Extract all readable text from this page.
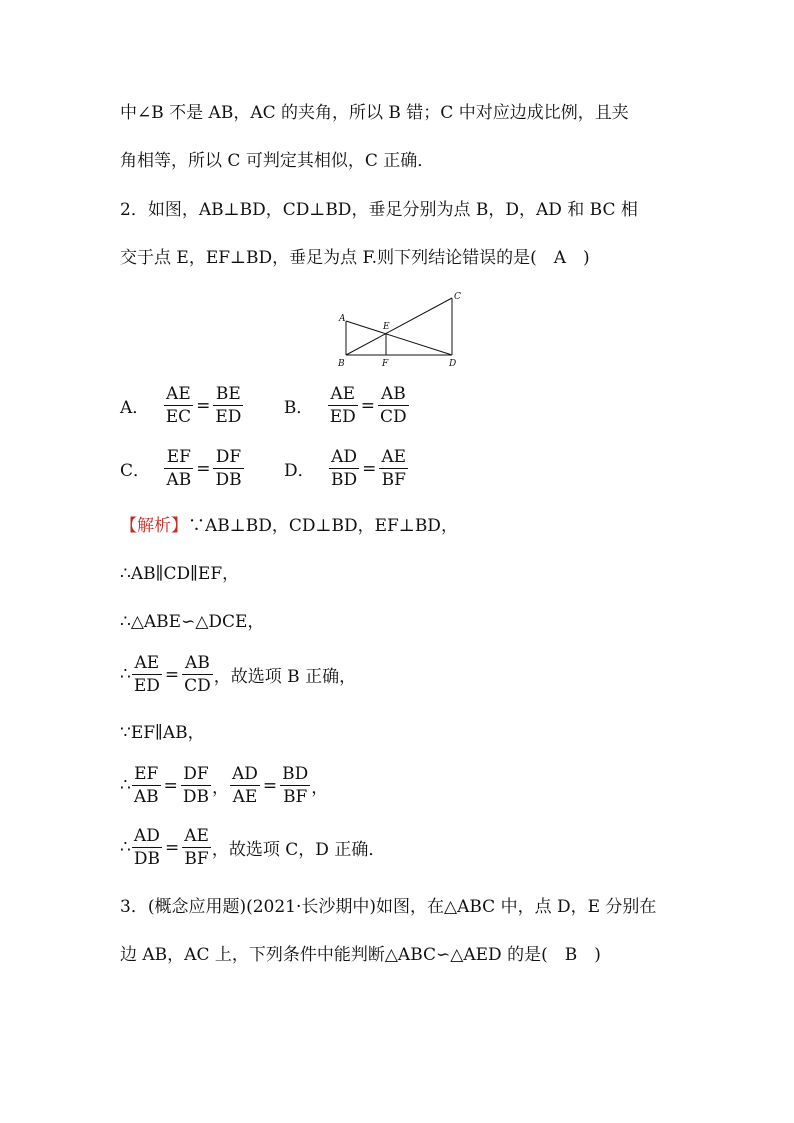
中∠B 不是 AB，AC 的夹角，所以 B 错；C 中对应边成比例，且夹
角相等，所以 C 可判定其相似，C 正确．
2．如图，AB⊥BD，CD⊥BD，垂足分别为点 B，D，AD 和 BC 相
交于点 E，EF⊥BD，垂足为点 F.则下列结论错误的是(　A　)
A
B
C
D
E
F
A． $\frac{AE}{EC} = \frac{BE}{ED}$ B． $\frac{AE}{ED} = \frac{AB}{CD}$
C． $\frac{EF}{AB} = \frac{DF}{DB}$ D． $\frac{AD}{BD} = \frac{AE}{BF}$
【解析】∵AB⊥BD，CD⊥BD，EF⊥BD，
∴AB∥CD∥EF，
∴△ABE∽△DCE，
∴ $\frac{AE}{ED} = \frac{AB}{CD}$ ，故选项 B 正确，
∵EF∥AB，
∴ $\frac{EF}{AB} = \frac{DF}{DB}$ ， $\frac{AD}{AE} = \frac{BD}{BF}$ ，
∴ $\frac{AD}{DB} = \frac{AE}{BF}$ ，故选项 C，D 正确．
3．(概念应用题)(2021·长沙期中)如图，在△ABC 中，点 D，E 分别在
边 AB，AC 上，下列条件中能判断△ABC∽△AED 的是(　B　)
